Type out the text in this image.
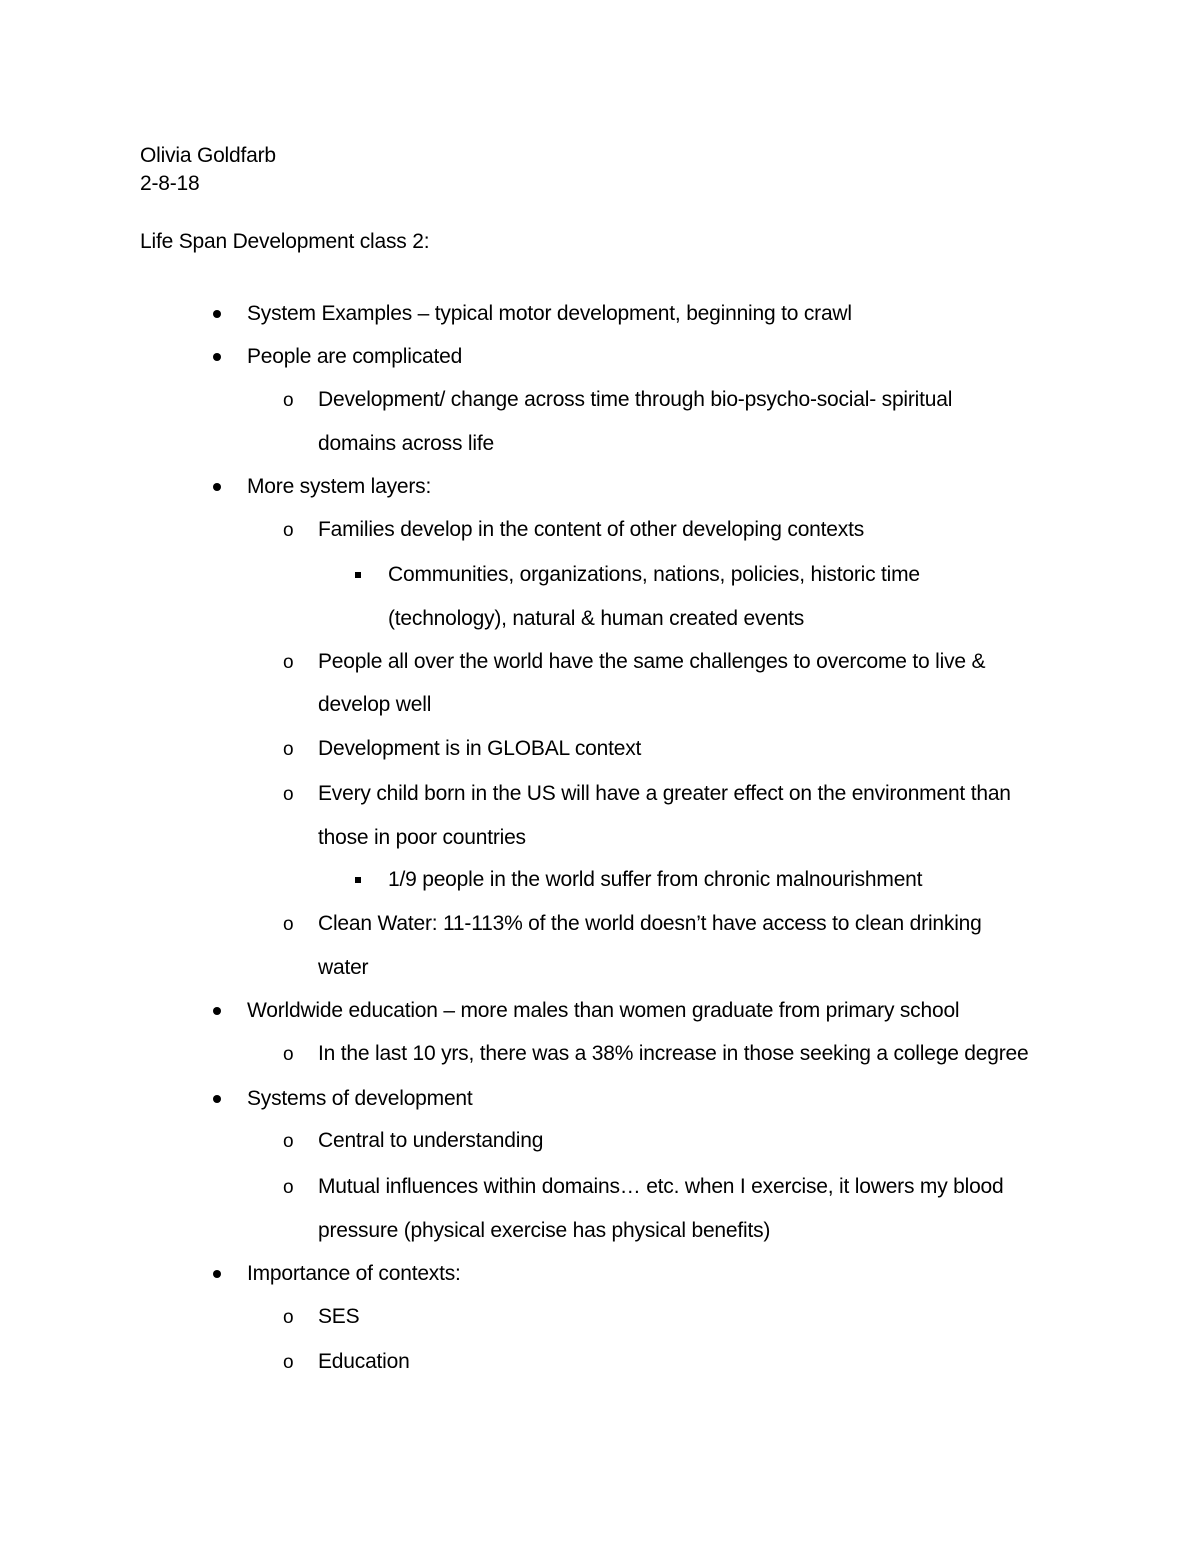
Olivia Goldfarb
2-8-18
Life Span Development class 2:
System Examples – typical motor development, beginning to crawl
People are complicated
o Development/ change across time through bio-psycho-social- spiritual
domains across life
More system layers:
o Families develop in the content of other developing contexts
Communities, organizations, nations, policies, historic time
(technology), natural & human created events
o People all over the world have the same challenges to overcome to live &
develop well
o Development is in GLOBAL context
o Every child born in the US will have a greater effect on the environment than
those in poor countries
1/9 people in the world suffer from chronic malnourishment
o Clean Water: 11-113% of the world doesn’t have access to clean drinking
water
Worldwide education – more males than women graduate from primary school
o In the last 10 yrs, there was a 38% increase in those seeking a college degree
Systems of development
o Central to understanding
o Mutual influences within domains… etc. when I exercise, it lowers my blood
pressure (physical exercise has physical benefits)
Importance of contexts:
o SES
o Education
